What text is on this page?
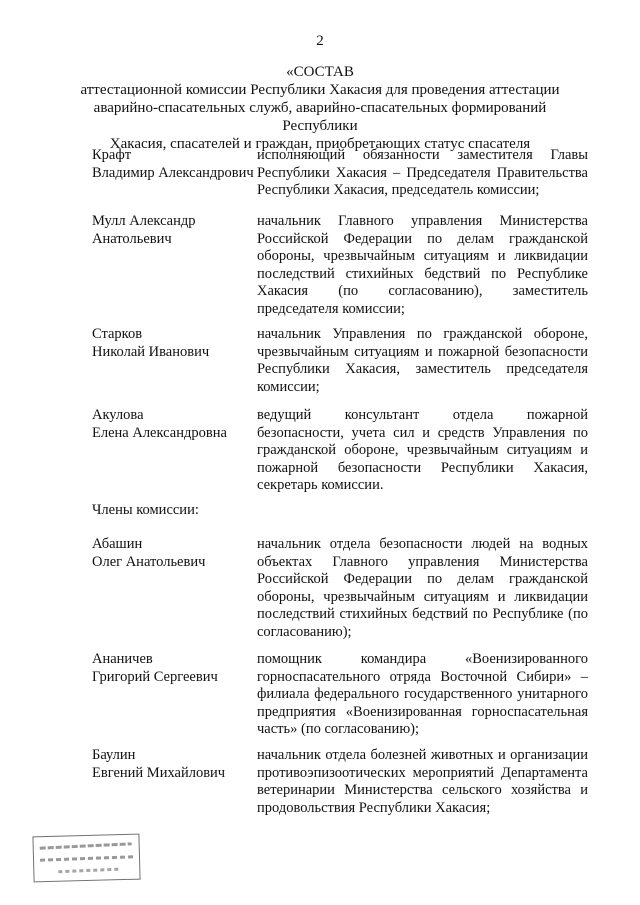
2
«СОСТАВ
аттестационной комиссии Республики Хакасия для проведения аттестации
аварийно-спасательных служб, аварийно-спасательных формирований Республики
Хакасия, спасателей и граждан, приобретающих статус спасателя
Крафт
Владимир Александрович
исполняющий обязанности заместителя Главы Республики Хакасия – Председателя Правительства Республики Хакасия, председатель комиссии;
Мулл Александр
Анатольевич
начальник Главного управления Министерства Российской Федерации по делам гражданской обороны, чрезвычайным ситуациям и ликвидации последствий стихийных бедствий по Республике Хакасия (по согласованию), заместитель председателя комиссии;
Старков
Николай Иванович
начальник Управления по гражданской обороне, чрезвычайным ситуациям и пожарной безопасности Республики Хакасия, заместитель председателя комиссии;
Акулова
Елена Александровна
ведущий консультант отдела пожарной безопасности, учета сил и средств Управления по гражданской обороне, чрезвычайным ситуациям и пожарной безопасности Республики Хакасия, секретарь комиссии.
Члены комиссии:
Абашин
Олег Анатольевич
начальник отдела безопасности людей на водных объектах Главного управления Министерства Российской Федерации по делам гражданской обороны, чрезвычайным ситуациям и ликвидации последствий стихийных бедствий по Республике (по согласованию);
Ананичев
Григорий Сергеевич
помощник командира «Военизированного горноспасательного отряда Восточной Сибири» – филиала федерального государственного унитарного предприятия «Военизированная горноспасательная часть» (по согласованию);
Баулин
Евгений Михайлович
начальник отдела болезней животных и организации противоэпизоотических мероприятий Департамента ветеринарии Министерства сельского хозяйства и продовольствия Республики Хакасия;
